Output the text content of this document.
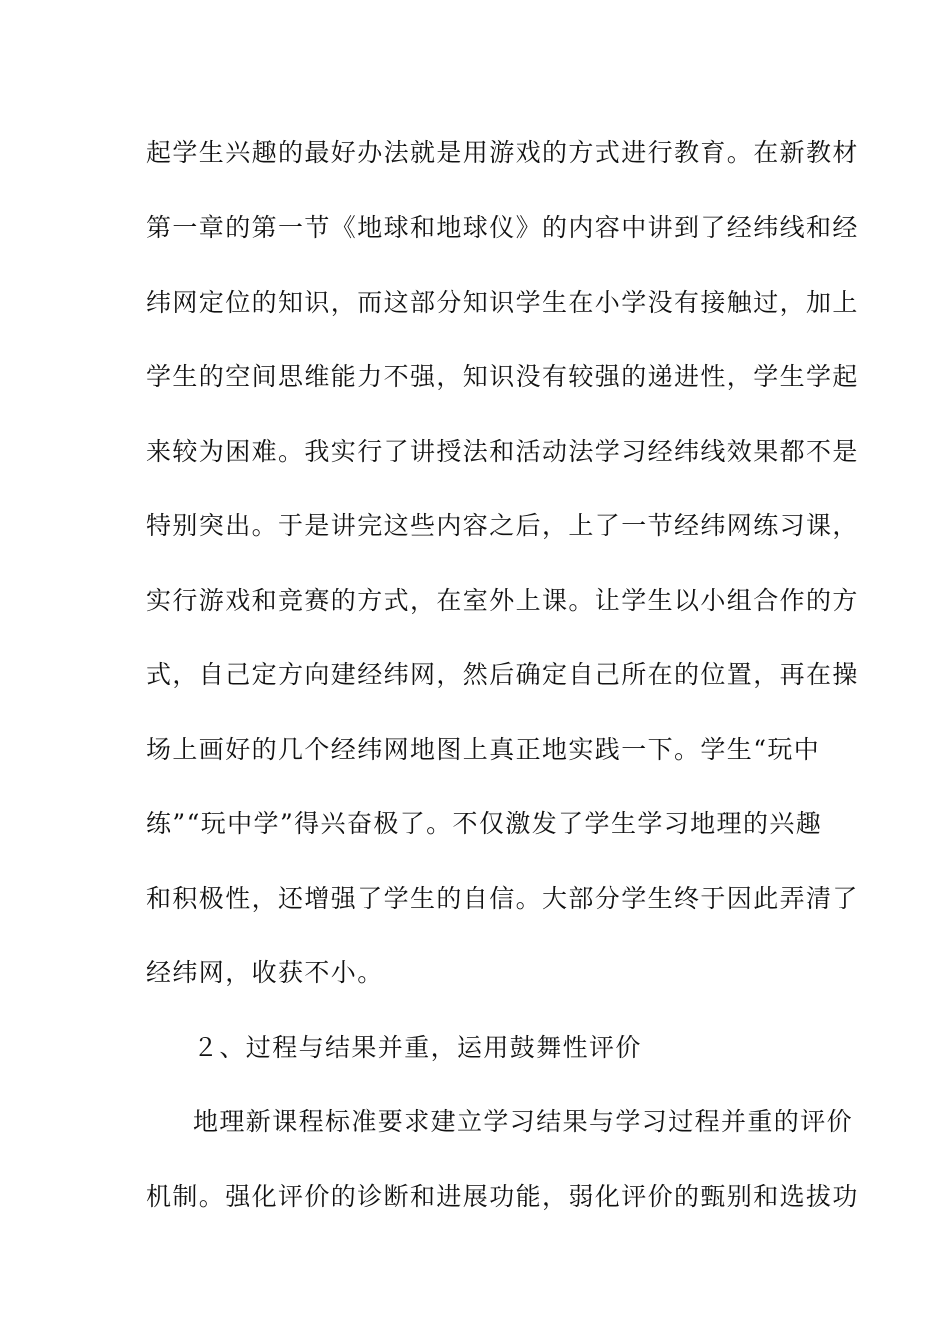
起学生兴趣的最好办法就是用游戏的方式进行教育。在新教材
第一章的第一节《地球和地球仪》的内容中讲到了经纬线和经
纬网定位的知识，而这部分知识学生在小学没有接触过，加上
学生的空间思维能力不强，知识没有较强的递进性，学生学起
来较为困难。我实行了讲授法和活动法学习经纬线效果都不是
特别突出。于是讲完这些内容之后，上了一节经纬网练习课，
实行游戏和竞赛的方式，在室外上课。让学生以小组合作的方
式，自己定方向建经纬网，然后确定自己所在的位置，再在操
场上画好的几个经纬网地图上真正地实践一下。学生“玩中
练”“玩中学”得兴奋极了。不仅激发了学生学习地理的兴趣
和积极性，还增强了学生的自信。大部分学生终于因此弄清了
经纬网，收获不小。
２、过程与结果并重，运用鼓舞性评价
地理新课程标准要求建立学习结果与学习过程并重的评价
机制。强化评价的诊断和进展功能，弱化评价的甄别和选拔功
